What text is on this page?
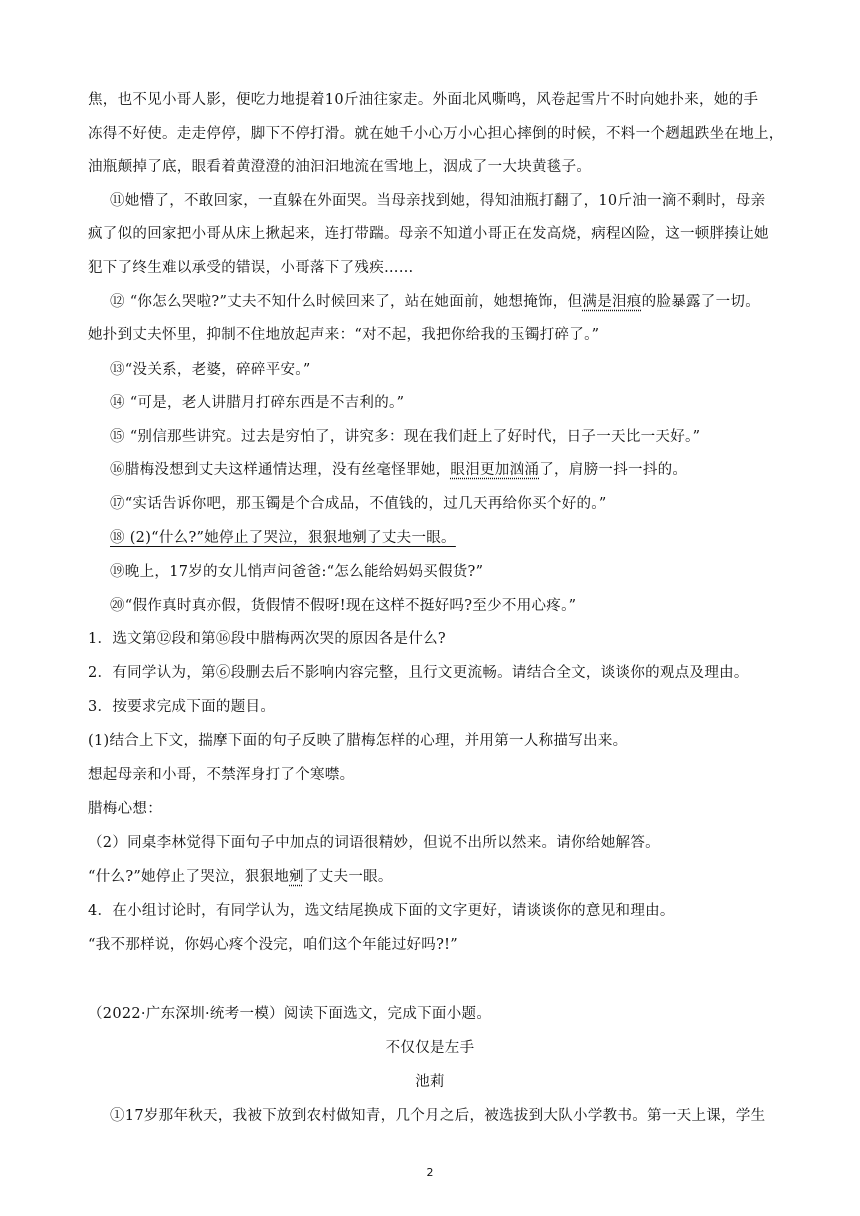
焦，也不见小哥人影，便吃力地提着10斤油往家走。外面北风嘶鸣，风卷起雪片不时向她扑来，她的手
冻得不好使。走走停停，脚下不停打滑。就在她千小心万小心担心摔倒的时候，不料一个趔趄跌坐在地上，
油瓶颠掉了底，眼看着黄澄澄的油汩汩地流在雪地上，洇成了一大块黄毯子。
⑪她懵了，不敢回家，一直躲在外面哭。当母亲找到她，得知油瓶打翻了，10斤油一滴不剩时，母亲
疯了似的回家把小哥从床上揪起来，连打带踹。母亲不知道小哥正在发高烧，病程凶险，这一顿胖揍让她
犯下了终生难以承受的错误，小哥落下了残疾……
⑫ “你怎么哭啦?”丈夫不知什么时候回来了，站在她面前，她想掩饰，但满是泪痕的脸暴露了一切。
她扑到丈夫怀里，抑制不住地放起声来：“对不起，我把你给我的玉镯打碎了。”
⑬“没关系，老婆，碎碎平安。”
⑭ “可是，老人讲腊月打碎东西是不吉利的。”
⑮ “别信那些讲究。过去是穷怕了，讲究多：现在我们赶上了好时代，日子一天比一天好。”
⑯腊梅没想到丈夫这样通情达理，没有丝毫怪罪她，眼泪更加汹涌了，肩膀一抖一抖的。
⑰“实话告诉你吧，那玉镯是个合成品，不值钱的，过几天再给你买个好的。”
⑱ (2)“什么?”她停止了哭泣，狠狠地剜了丈夫一眼。
⑲晚上，17岁的女儿悄声问爸爸:“怎么能给妈妈买假货?”
⑳“假作真时真亦假，货假情不假呀!现在这样不挺好吗?至少不用心疼。”
1．选文第⑫段和第⑯段中腊梅两次哭的原因各是什么?
2．有同学认为，第⑥段删去后不影响内容完整，且行文更流畅。请结合全文，谈谈你的观点及理由。
3．按要求完成下面的题目。
(1)结合上下文，揣摩下面的句子反映了腊梅怎样的心理，并用第一人称描写出来。
想起母亲和小哥，不禁浑身打了个寒噤。
腊梅心想：
（2）同桌李林觉得下面句子中加点的词语很精妙，但说不出所以然来。请你给她解答。
“什么?”她停止了哭泣，狠狠地剜了丈夫一眼。
4．在小组讨论时，有同学认为，选文结尾换成下面的文字更好，请谈谈你的意见和理由。
“我不那样说，你妈心疼个没完，咱们这个年能过好吗?!”
（2022·广东深圳·统考一模）阅读下面选文，完成下面小题。
不仅仅是左手
池莉
①17岁那年秋天，我被下放到农村做知青，几个月之后，被选拔到大队小学教书。第一天上课，学生
2
